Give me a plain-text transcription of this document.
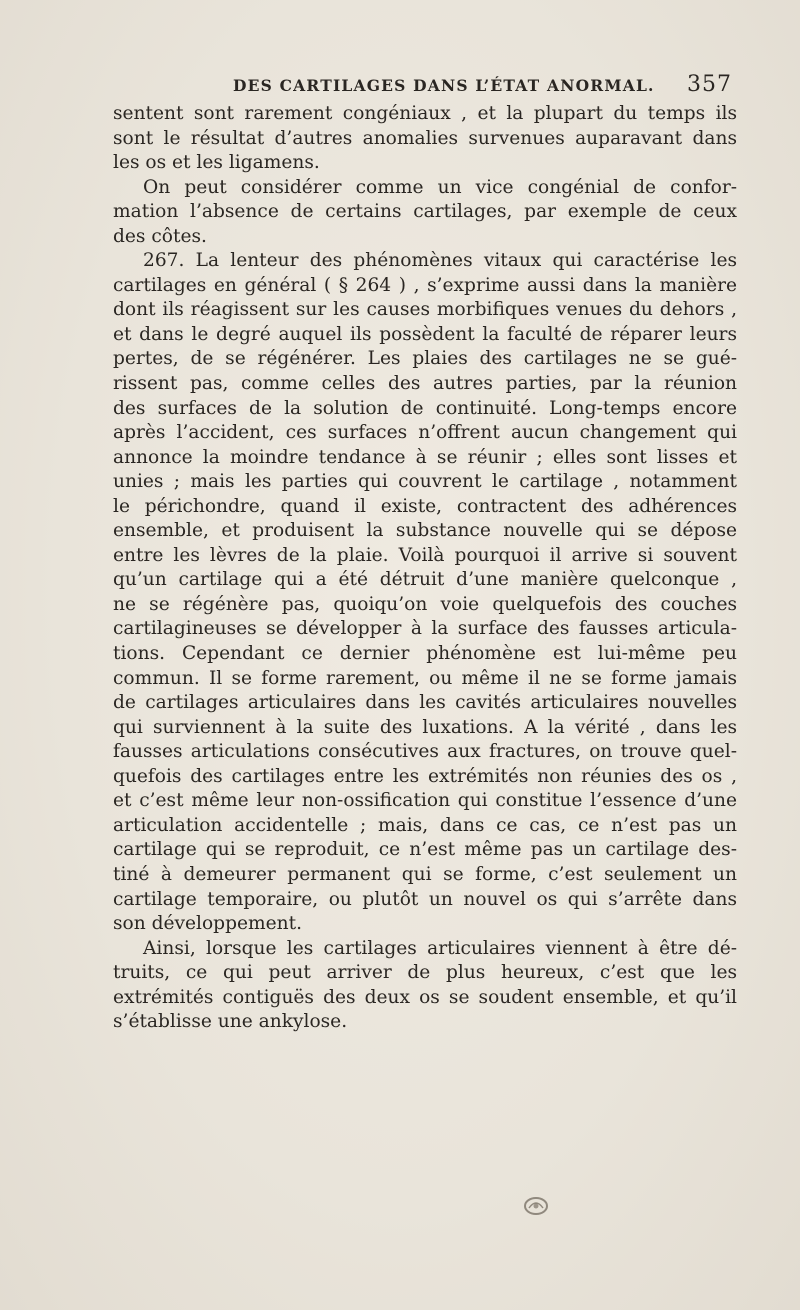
DES CARTILAGES DANS L’ÉTAT ANORMAL. 357
sentent sont rarement congéniaux , et la plupart du temps ils
sont le résultat d’autres anomalies survenues auparavant dans
les os et les ligamens.
On peut considérer comme un vice congénial de confor-
mation l’absence de certains cartilages, par exemple de ceux
des côtes.
267. La lenteur des phénomènes vitaux qui caractérise les
cartilages en général ( § 264 ) , s’exprime aussi dans la manière
dont ils réagissent sur les causes morbifiques venues du dehors ,
et dans le degré auquel ils possèdent la faculté de réparer leurs
pertes, de se régénérer. Les plaies des cartilages ne se gué-
rissent pas, comme celles des autres parties, par la réunion
des surfaces de la solution de continuité. Long-temps encore
après l’accident, ces surfaces n’offrent aucun changement qui
annonce la moindre tendance à se réunir ; elles sont lisses et
unies ; mais les parties qui couvrent le cartilage , notamment
le périchondre, quand il existe, contractent des adhérences
ensemble, et produisent la substance nouvelle qui se dépose
entre les lèvres de la plaie. Voilà pourquoi il arrive si souvent
qu’un cartilage qui a été détruit d’une manière quelconque ,
ne se régénère pas, quoiqu’on voie quelquefois des couches
cartilagineuses se développer à la surface des fausses articula-
tions. Cependant ce dernier phénomène est lui-même peu
commun. Il se forme rarement, ou même il ne se forme jamais
de cartilages articulaires dans les cavités articulaires nouvelles
qui surviennent à la suite des luxations. A la vérité , dans les
fausses articulations consécutives aux fractures, on trouve quel-
quefois des cartilages entre les extrémités non réunies des os ,
et c’est même leur non-ossification qui constitue l’essence d’une
articulation accidentelle ; mais, dans ce cas, ce n’est pas un
cartilage qui se reproduit, ce n’est même pas un cartilage des-
tiné à demeurer permanent qui se forme, c’est seulement un
cartilage temporaire, ou plutôt un nouvel os qui s’arrête dans
son développement.
Ainsi, lorsque les cartilages articulaires viennent à être dé-
truits, ce qui peut arriver de plus heureux, c’est que les
extrémités contiguës des deux os se soudent ensemble, et qu’il
s’établisse une ankylose.
